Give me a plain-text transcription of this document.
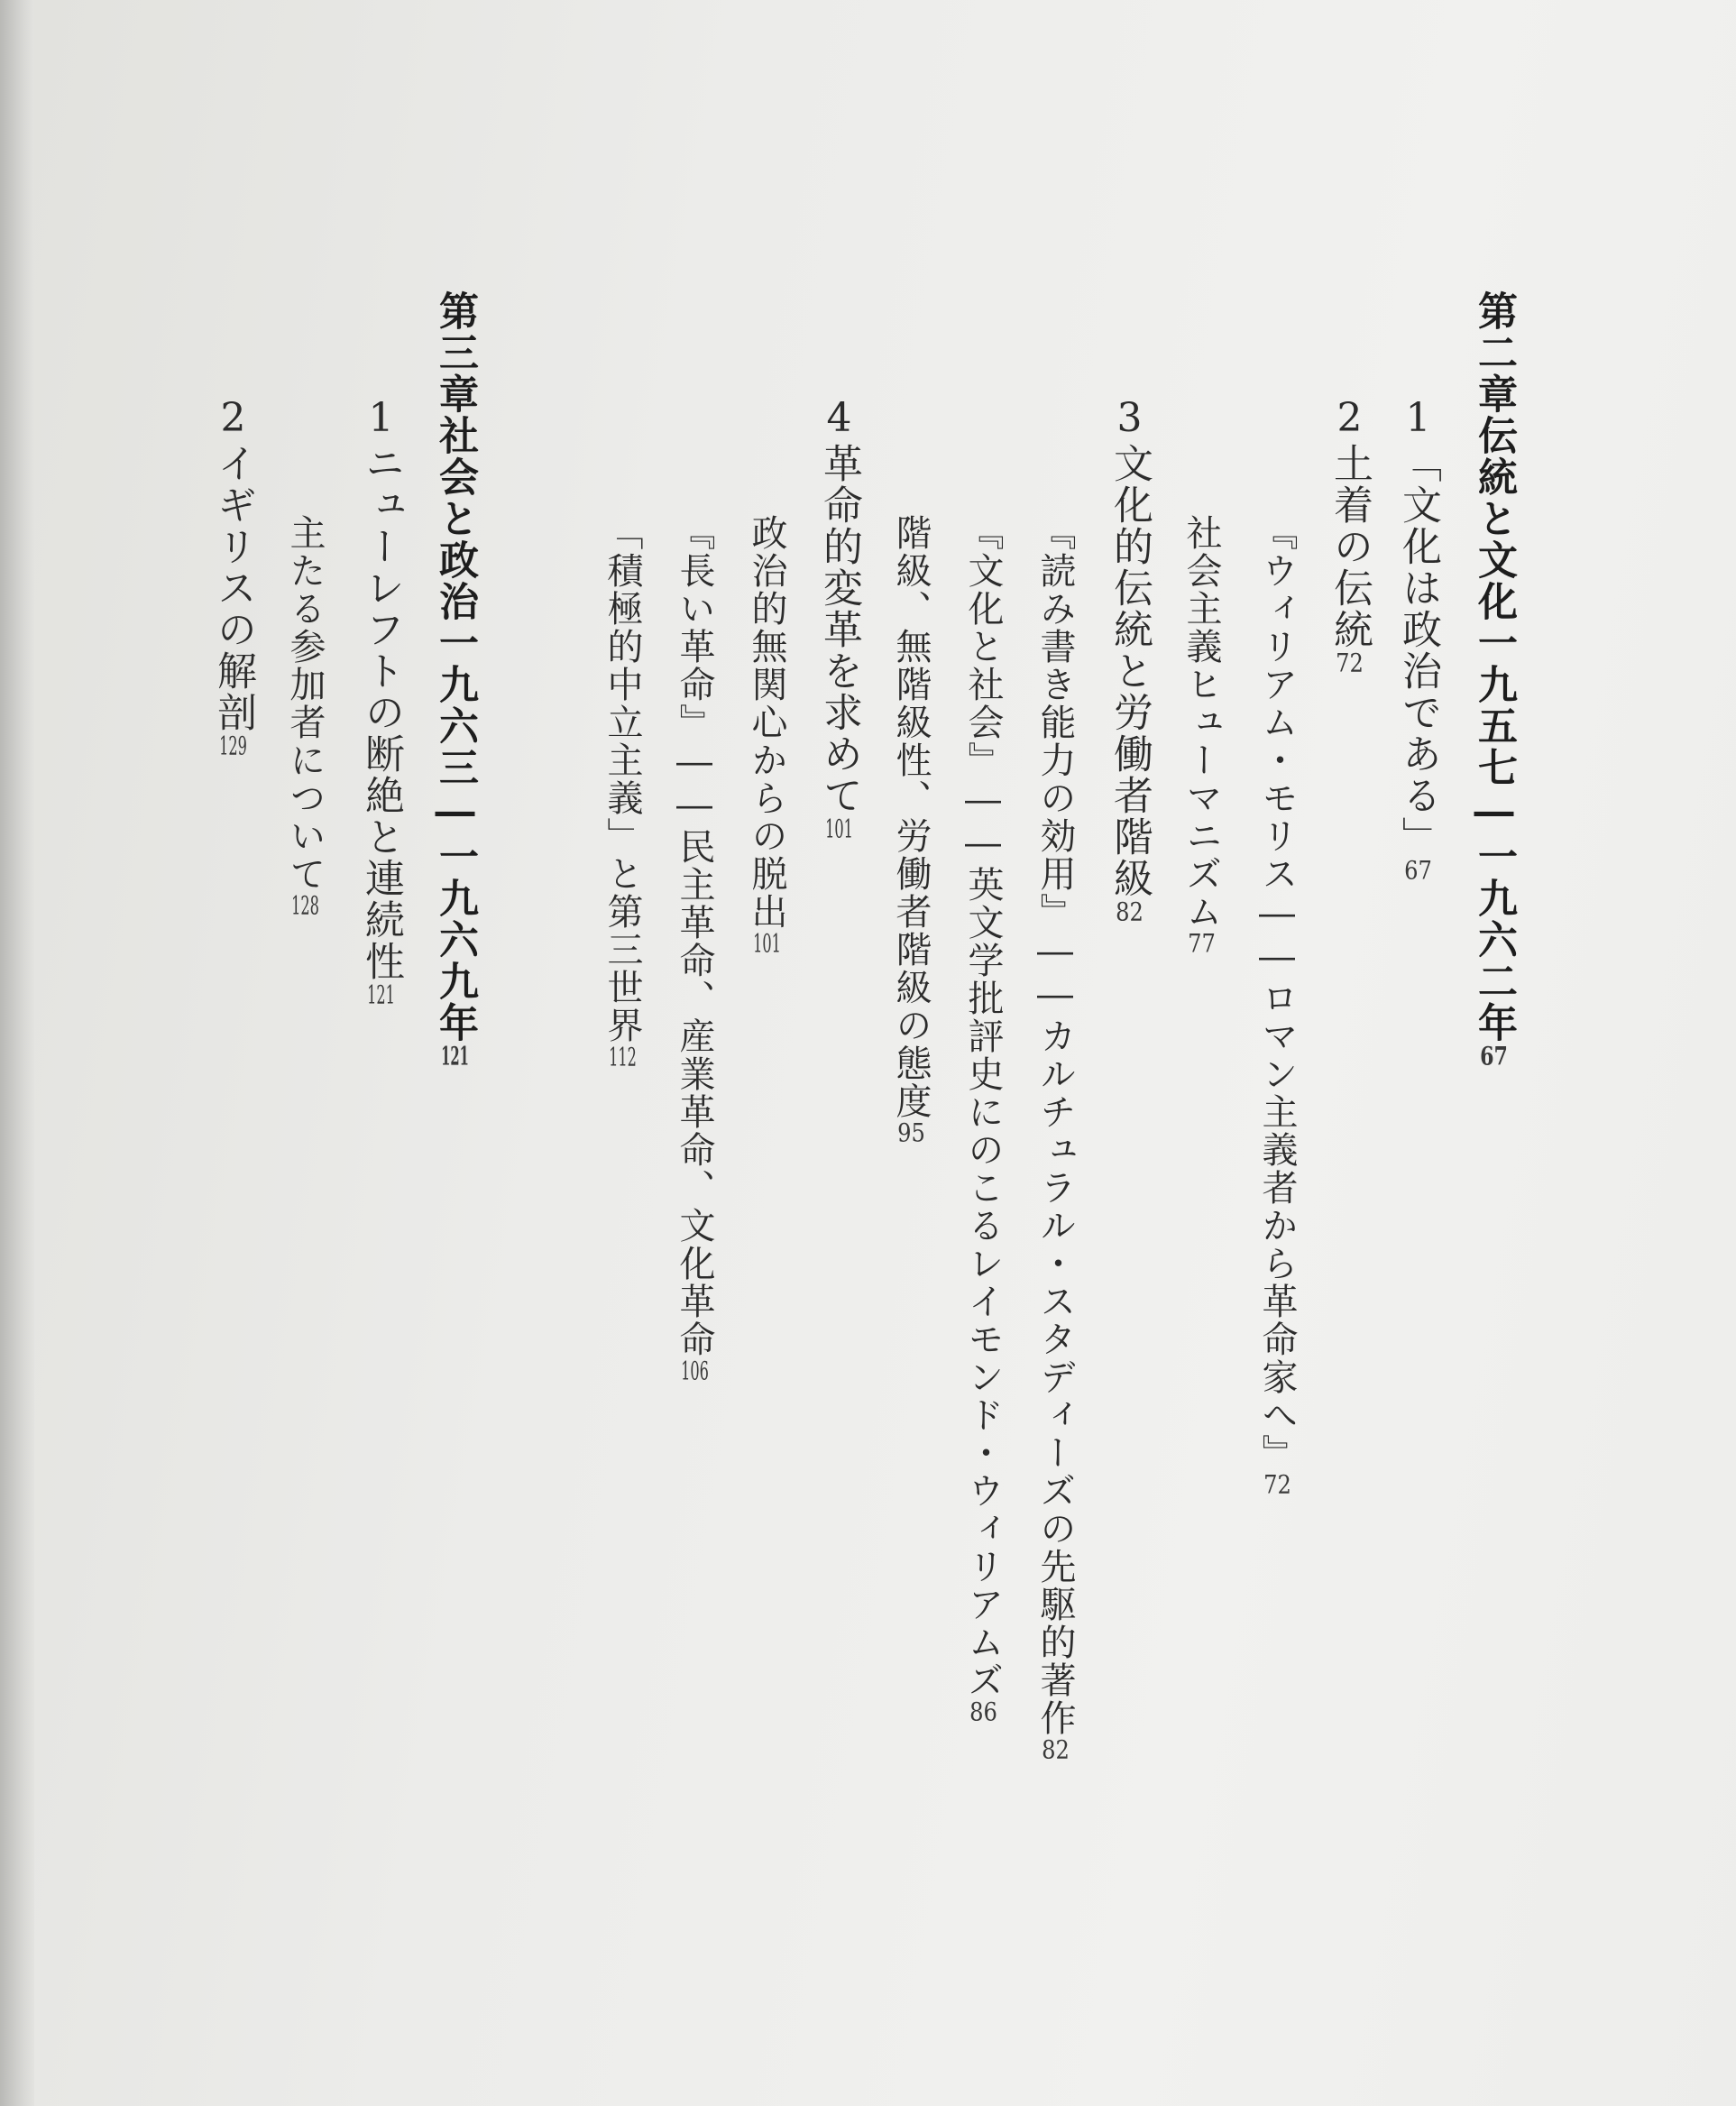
第二章伝統と文化一九五七―一九六二年67
1「文化は政治である」67
2土着の伝統72
『ウィリアム・モリス――ロマン主義者から革命家へ』72
社会主義ヒューマニズム77
3文化的伝統と労働者階級82
『読み書き能力の効用』――カルチュラル・スタディーズの先駆的著作82
『文化と社会』――英文学批評史にのこるレイモンド・ウィリアムズ86
階級、無階級性、労働者階級の態度95
4革命的変革を求めて101
政治的無関心からの脱出101
『長い革命』――民主革命、産業革命、文化革命106
「積極的中立主義」と第三世界112
第三章社会と政治一九六三―一九六九年121
1ニューレフトの断絶と連続性121
主たる参加者について128
2イギリスの解剖129
